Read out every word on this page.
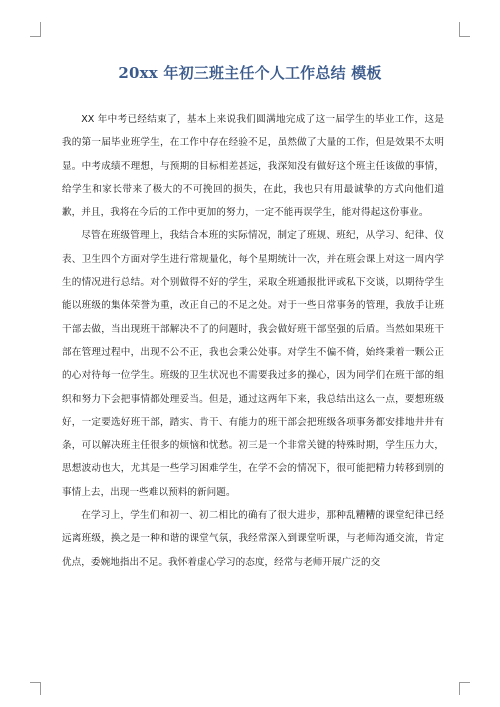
20xx 年初三班主任个人工作总结 模板

XX 年中考已经结束了，基本上来说我们圆满地完成了这一届学生的毕业工作，这是我的第一届毕业班学生，在工作中存在经验不足，虽然做了大量的工作，但是效果不太明显。中考成绩不理想，与预期的目标相差甚远，我深知没有做好这个班主任该做的事情，给学生和家长带来了极大的不可挽回的损失，在此，我也只有用最诚挚的方式向他们道歉，并且，我将在今后的工作中更加的努力，一定不能再误学生，能对得起这份事业。

尽管在班级管理上，我结合本班的实际情况，制定了班规、班纪，从学习、纪律、仪表、卫生四个方面对学生进行常规量化，每个星期统计一次，并在班会课上对这一周内学生的情况进行总结。对个别做得不好的学生，采取全班通报批评或私下交谈，以期待学生能以班级的集体荣誉为重，改正自己的不足之处。对于一些日常事务的管理，我放手让班干部去做，当出现班干部解决不了的问题时，我会做好班干部坚强的后盾。当然如果班干部在管理过程中，出现不公不正，我也会秉公处事。对学生不偏不倚，始终秉着一颗公正的心对待每一位学生。班级的卫生状况也不需要我过多的操心，因为同学们在班干部的组织和努力下会把事情都处理妥当。但是，通过这两年下来，我总结出这么一点，要想班级好，一定要选好班干部，踏实、肯干、有能力的班干部会把班级各项事务都安排地井井有条，可以解决班主任很多的烦恼和忧愁。初三是一个非常关键的特殊时期，学生压力大，思想波动也大，尤其是一些学习困难学生，在学不会的情况下，很可能把精力转移到别的事情上去，出现一些难以预料的新问题。

在学习上，学生们和初一、初二相比的确有了很大进步，那种乱糟糟的课堂纪律已经远离班级，换之是一种和谐的课堂气氛，我经常深入到课堂听课，与老师沟通交流，肯定优点，委婉地指出不足。我怀着虚心学习的态度，经常与老师开展广泛的交
